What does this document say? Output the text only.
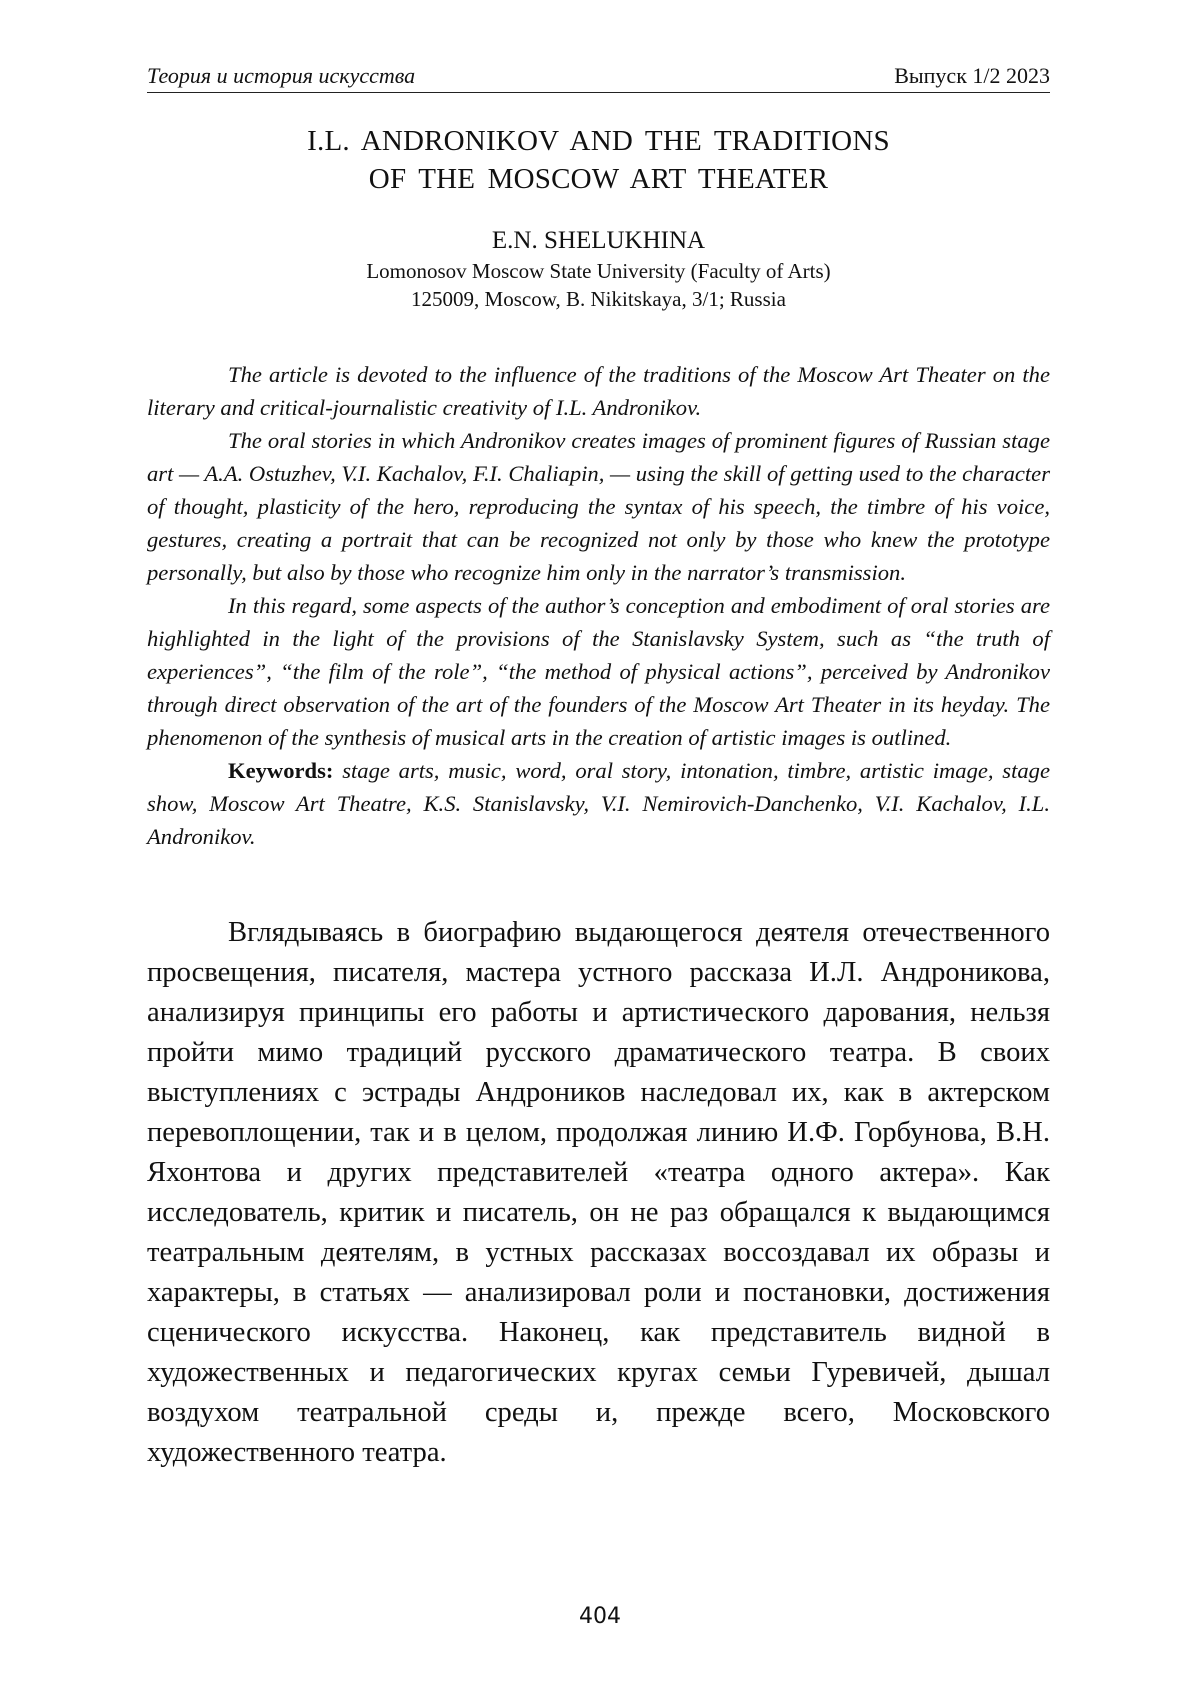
Теория и история искусства	Выпуск 1/2 2023
I.L. ANDRONIKOV AND THE TRADITIONS
OF THE MOSCOW ART THEATER
E.N. SHELUKHINA
Lomonosov Moscow State University (Faculty of Arts)
125009, Moscow, B. Nikitskaya, 3/1; Russia

The article is devoted to the influence of the traditions of the Moscow Art Theater on the literary and critical-journalistic creativity of I.L. Andronikov.

The oral stories in which Andronikov creates images of prominent figures of Russian stage art — A.A. Ostuzhev, V.I. Kachalov, F.I. Chaliapin, — using the skill of getting used to the character of thought, plasticity of the hero, reproducing the syntax of his speech, the timbre of his voice, gestures, creating a portrait that can be recognized not only by those who knew the prototype personally, but also by those who recognize him only in the narrator’s transmission.

In this regard, some aspects of the author’s conception and embodiment of oral stories are highlighted in the light of the provisions of the Stanislavsky System, such as “the truth of experiences”, “the film of the role”, “the method of physical actions”, perceived by Andronikov through direct observation of the art of the founders of the Moscow Art Theater in its heyday. The phenomenon of the synthesis of musical arts in the creation of artistic images is outlined.

Keywords: stage arts, music, word, oral story, intonation, timbre, artistic image, stage show, Moscow Art Theatre, K.S. Stanislavsky, V.I. Nemirovich-Danchenko, V.I. Kachalov, I.L. Andronikov.

Вглядываясь в биографию выдающегося деятеля отечественного просвещения, писателя, мастера устного рассказа И.Л. Андроникова, анализируя принципы его работы и артистического дарования, нельзя пройти мимо традиций русского драматического театра. В своих выступлениях с эстрады Андроников наследовал их, как в актерском перевоплощении, так и в целом, продолжая линию И.Ф. Горбунова, В.Н. Яхонтова и других представителей «театра одного актера». Как исследователь, критик и писатель, он не раз обращался к выдающимся театральным деятелям, в устных рассказах воссоздавал их образы и характеры, в статьях — анализировал роли и постановки, достижения сценического искусства. Наконец, как представитель видной в художественных и педагогических кругах семьи Гуревичей, дышал воздухом театральной среды и, прежде всего, Московского художественного театра.

404
